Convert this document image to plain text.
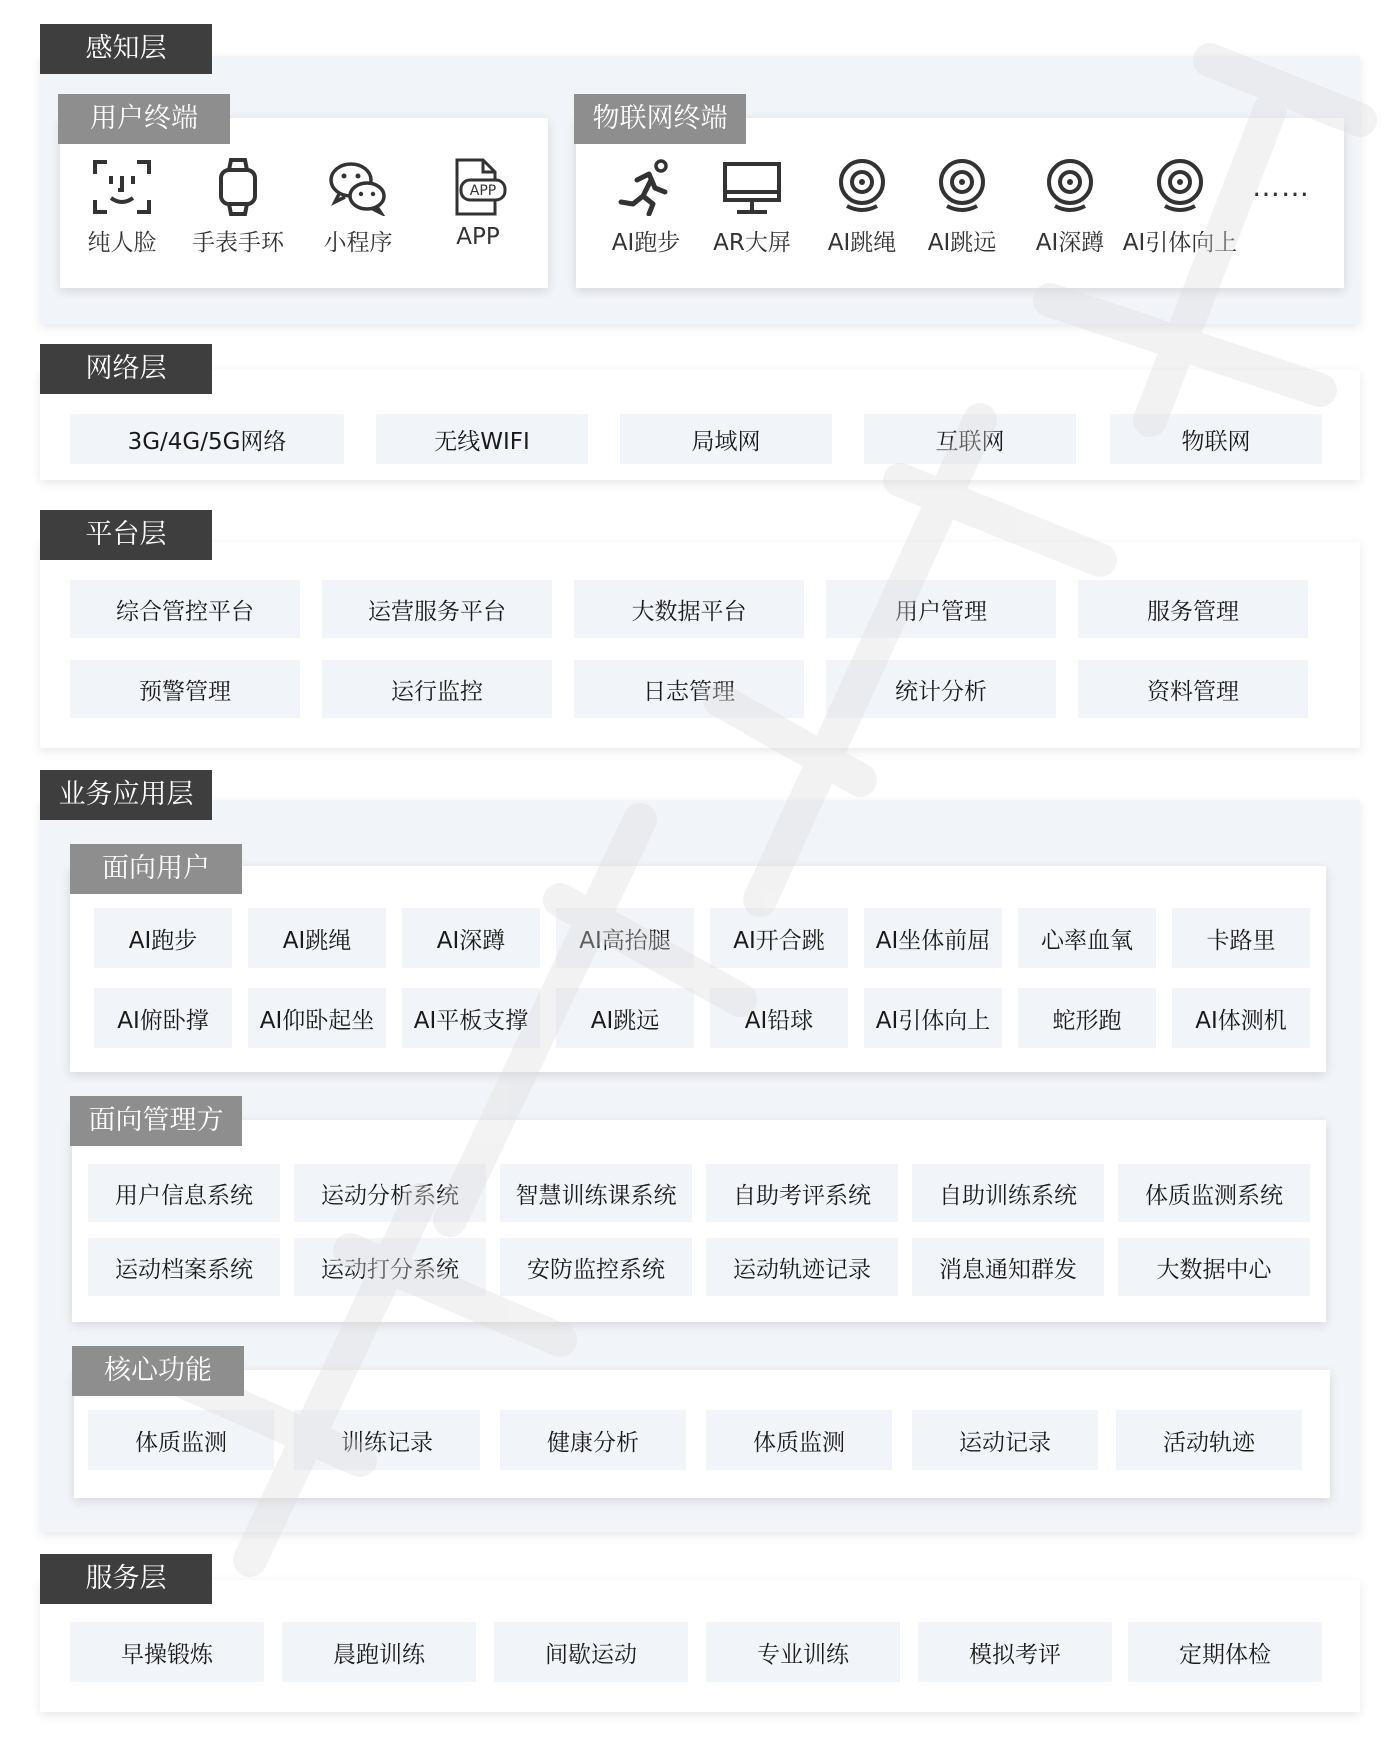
感知层
用户终端
纯人脸	手表手环	小程序
APP
APP
物联网终端
AI跑步	AR大屏	AI跳绳	AI跳远	AI深蹲 AI引体向上
……
网络层
3G/4G/5G网络	无线WIFI	局域网	互联网	物联网
平台层
综合管控平台	运营服务平台	大数据平台	用户管理	服务管理
预警管理	运行监控	日志管理	统计分析	资料管理
业务应用层
面向用户
AI跑步	AI跳绳	AI深蹲	AI高抬腿	AI开合跳	AI坐体前屈	心率血氧	卡路里
AI俯卧撑	AI仰卧起坐	AI平板支撑	AI跳远	AI铅球	AI引体向上	蛇形跑	AI体测机
面向管理方
用户信息系统	运动分析系统	智慧训练课系统	自助考评系统	自助训练系统	体质监测系统
运动档案系统	运动打分系统	安防监控系统	运动轨迹记录	消息通知群发	大数据中心
核心功能
体质监测	训练记录	健康分析	体质监测	运动记录	活动轨迹
服务层
早操锻炼	晨跑训练	间歇运动	专业训练	模拟考评	定期体检
